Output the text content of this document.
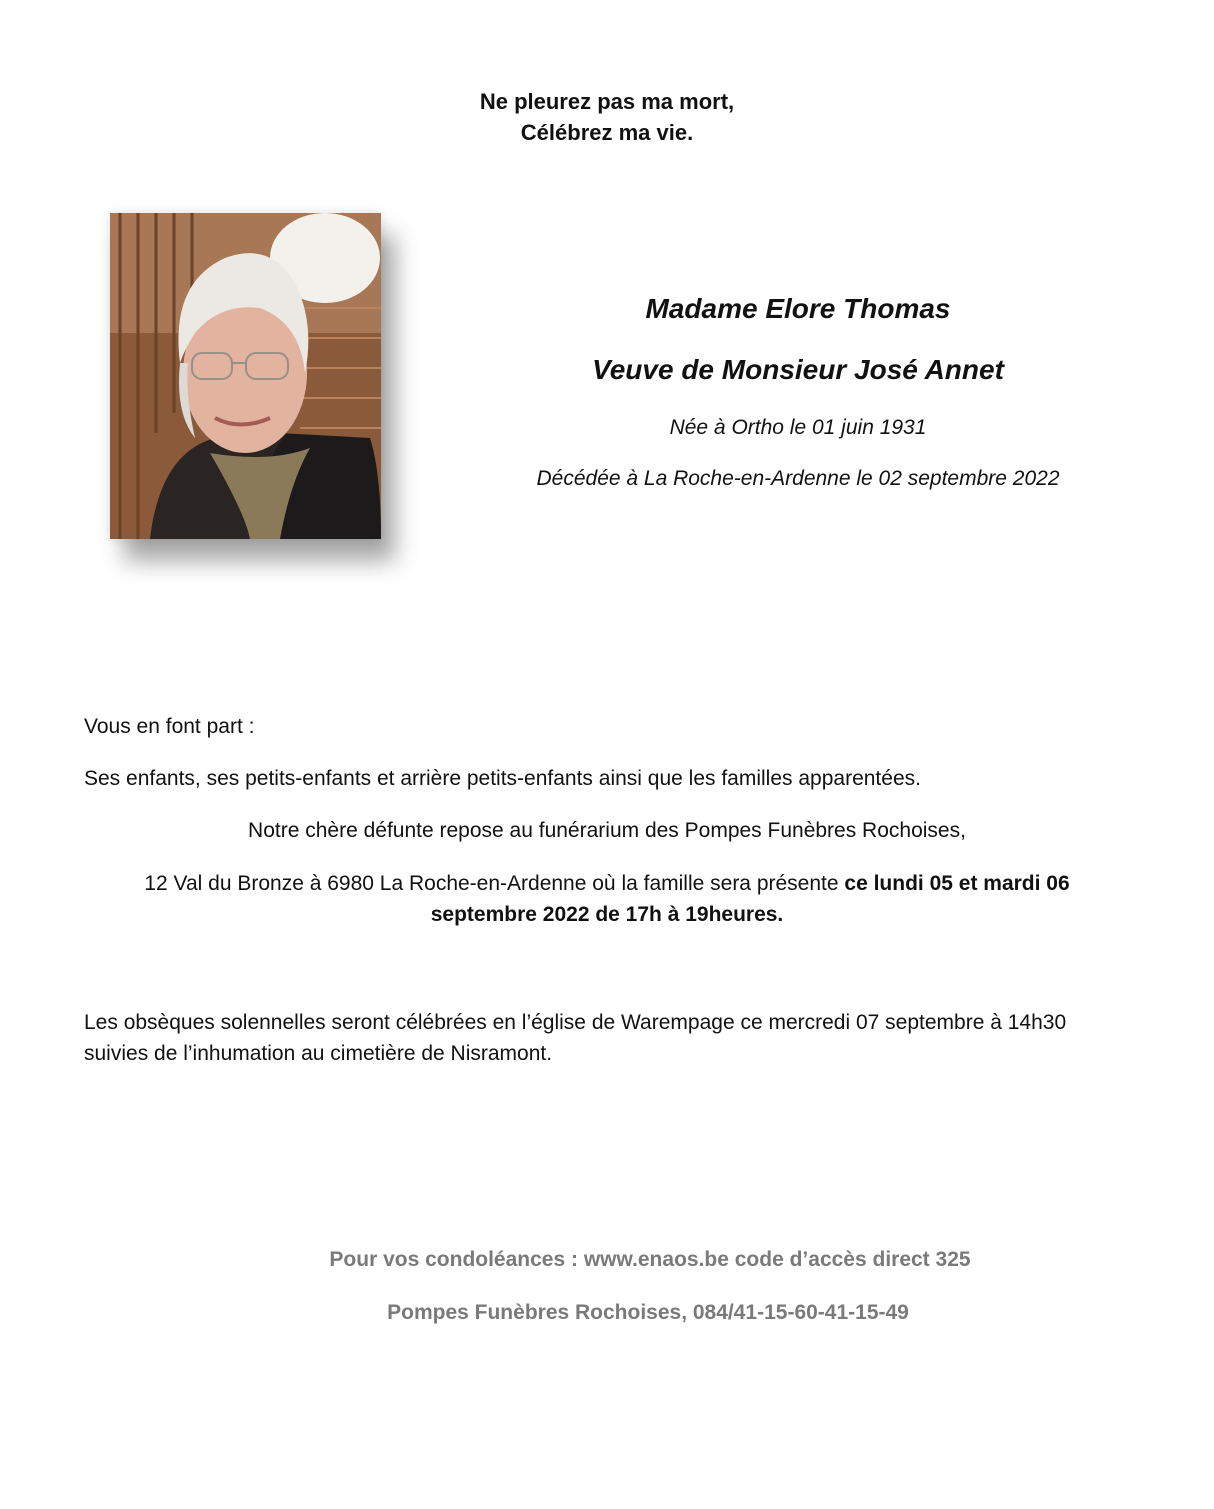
Ne pleurez pas ma mort,
Célébrez ma vie.
Madame Elore Thomas
Veuve de Monsieur José Annet
Née à Ortho le 01 juin 1931
Décédée à La Roche-en-Ardenne le 02 septembre 2022
Vous en font part :
Ses enfants, ses petits-enfants et arrière petits-enfants ainsi que les familles apparentées.
Notre chère défunte repose au funérarium des Pompes Funèbres Rochoises,
12 Val du Bronze à 6980 La Roche-en-Ardenne où la famille sera présente ce lundi 05 et mardi 06 septembre 2022 de 17h à 19heures.
Les obsèques solennelles seront célébrées en l’église de Warempage ce mercredi 07 septembre à 14h30 suivies de l’inhumation au cimetière de Nisramont.
Pour vos condoléances : www.enaos.be code d’accès direct 325
Pompes Funèbres Rochoises, 084/41-15-60-41-15-49
